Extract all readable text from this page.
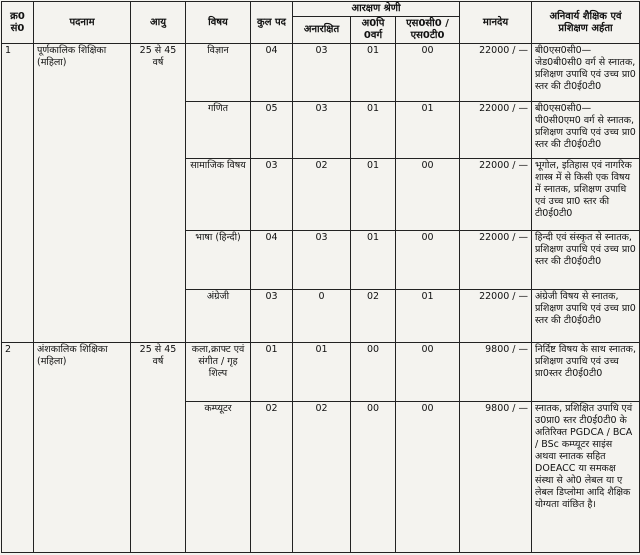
क्र0 सं0	पदनाम	आयु	विषय	कुल पद	आरक्षण श्रेणी			मानदेय	अनिवार्य शैक्षिक एवं प्रशिक्षण अर्हता
					अनारक्षित	अ0पि 0वर्ग	एस0सी0 / एस0टी0		
1	पूर्णकालिक शिक्षिका (महिला)	25 से 45 वर्ष	विज्ञान	04	03	01	00	22000 / —	बी0एस0सी0— जेड0बी0सी0 वर्ग से स्नातक, प्रशिक्षण उपाधि एवं उच्च प्रा0 स्तर की टी0ई0टी0
			गणित	05	03	01	01	22000 / —	बी0एस0सी0— पी0सी0एम0 वर्ग से स्नातक, प्रशिक्षण उपाधि एवं उच्च प्रा0 स्तर की टी0ई0टी0
			सामाजिक विषय	03	02	01	00	22000 / —	भूगोल, इतिहास एवं नागरिक शास्त्र में से किसी एक विषय में स्नातक, प्रशिक्षण उपाधि एवं उच्च प्रा0 स्तर की टी0ई0टी0
			भाषा (हिन्दी)	04	03	01	00	22000 / —	हिन्दी एवं संस्कृत से स्नातक, प्रशिक्षण उपाधि एवं उच्च प्रा0 स्तर की टी0ई0टी0
			अंग्रेजी	03	0	02	01	22000 / —	अंग्रेजी विषय से स्नातक, प्रशिक्षण उपाधि एवं उच्च प्रा0 स्तर की टी0ई0टी0
2	अंशकालिक शिक्षिका (महिला)	25 से 45 वर्ष	कला,क्राफ्ट एवं संगीत / गृह शिल्प	01	01	00	00	9800 / —	निर्दिष्ट विषय के साथ स्नातक, प्रशिक्षण उपाधि एवं उच्च प्रा0स्तर टी0ई0टी0
			कम्प्यूटर	02	02	00	00	9800 / —	स्नातक, प्रशिक्षित उपाधि एवं उ0प्रा0 स्तर टी0ई0टी0 के अतिरिक्त PGDCA / BCA / BSc कम्प्यूटर साइंस अथवा स्नातक सहित DOEACC या समकक्ष संस्था से ओ0 लेबल या ए लेबल डिप्लोमा आदि शैक्षिक योग्यता वांछित है।
